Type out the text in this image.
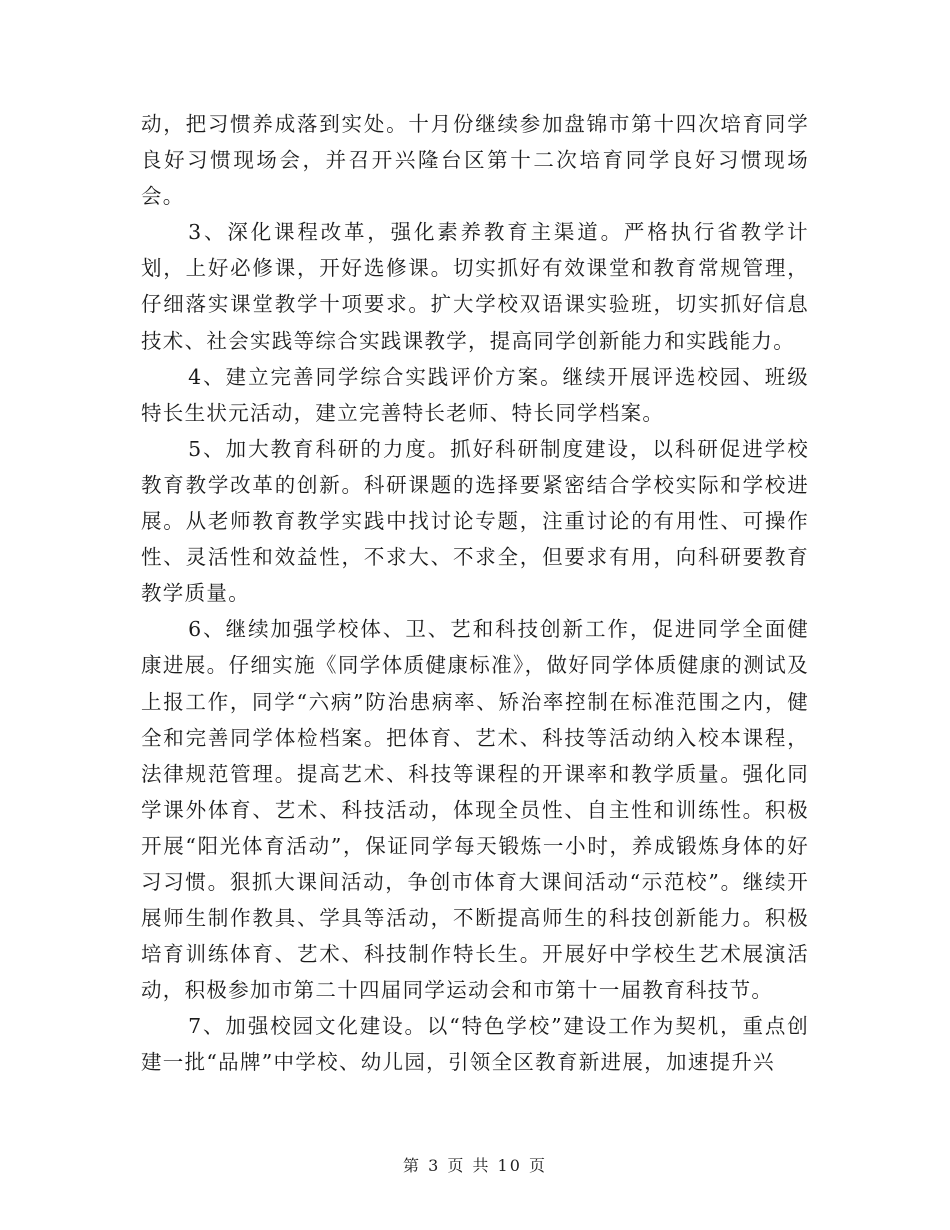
动，把习惯养成落到实处。十月份继续参加盘锦市第十四次培育同学良好习惯现场会，并召开兴隆台区第十二次培育同学良好习惯现场会。

3、深化课程改革，强化素养教育主渠道。严格执行省教学计划，上好必修课，开好选修课。切实抓好有效课堂和教育常规管理，仔细落实课堂教学十项要求。扩大学校双语课实验班，切实抓好信息技术、社会实践等综合实践课教学，提高同学创新能力和实践能力。

4、建立完善同学综合实践评价方案。继续开展评选校园、班级特长生状元活动，建立完善特长老师、特长同学档案。

5、加大教育科研的力度。抓好科研制度建设，以科研促进学校教育教学改革的创新。科研课题的选择要紧密结合学校实际和学校进展。从老师教育教学实践中找讨论专题，注重讨论的有用性、可操作性、灵活性和效益性，不求大、不求全，但要求有用，向科研要教育教学质量。

6、继续加强学校体、卫、艺和科技创新工作，促进同学全面健康进展。仔细实施《同学体质健康标准》，做好同学体质健康的测试及上报工作，同学“六病”防治患病率、矫治率控制在标准范围之内，健全和完善同学体检档案。把体育、艺术、科技等活动纳入校本课程，法律规范管理。提高艺术、科技等课程的开课率和教学质量。强化同学课外体育、艺术、科技活动，体现全员性、自主性和训练性。积极开展“阳光体育活动”，保证同学每天锻炼一小时，养成锻炼身体的好习习惯。狠抓大课间活动，争创市体育大课间活动“示范校”。继续开展师生制作教具、学具等活动，不断提高师生的科技创新能力。积极培育训练体育、艺术、科技制作特长生。开展好中学校生艺术展演活动，积极参加市第二十四届同学运动会和市第十一届教育科技节。

7、加强校园文化建设。以“特色学校”建设工作为契机，重点创建一批“品牌”中学校、幼儿园，引领全区教育新进展，加速提升兴

第 3 页 共 10 页
